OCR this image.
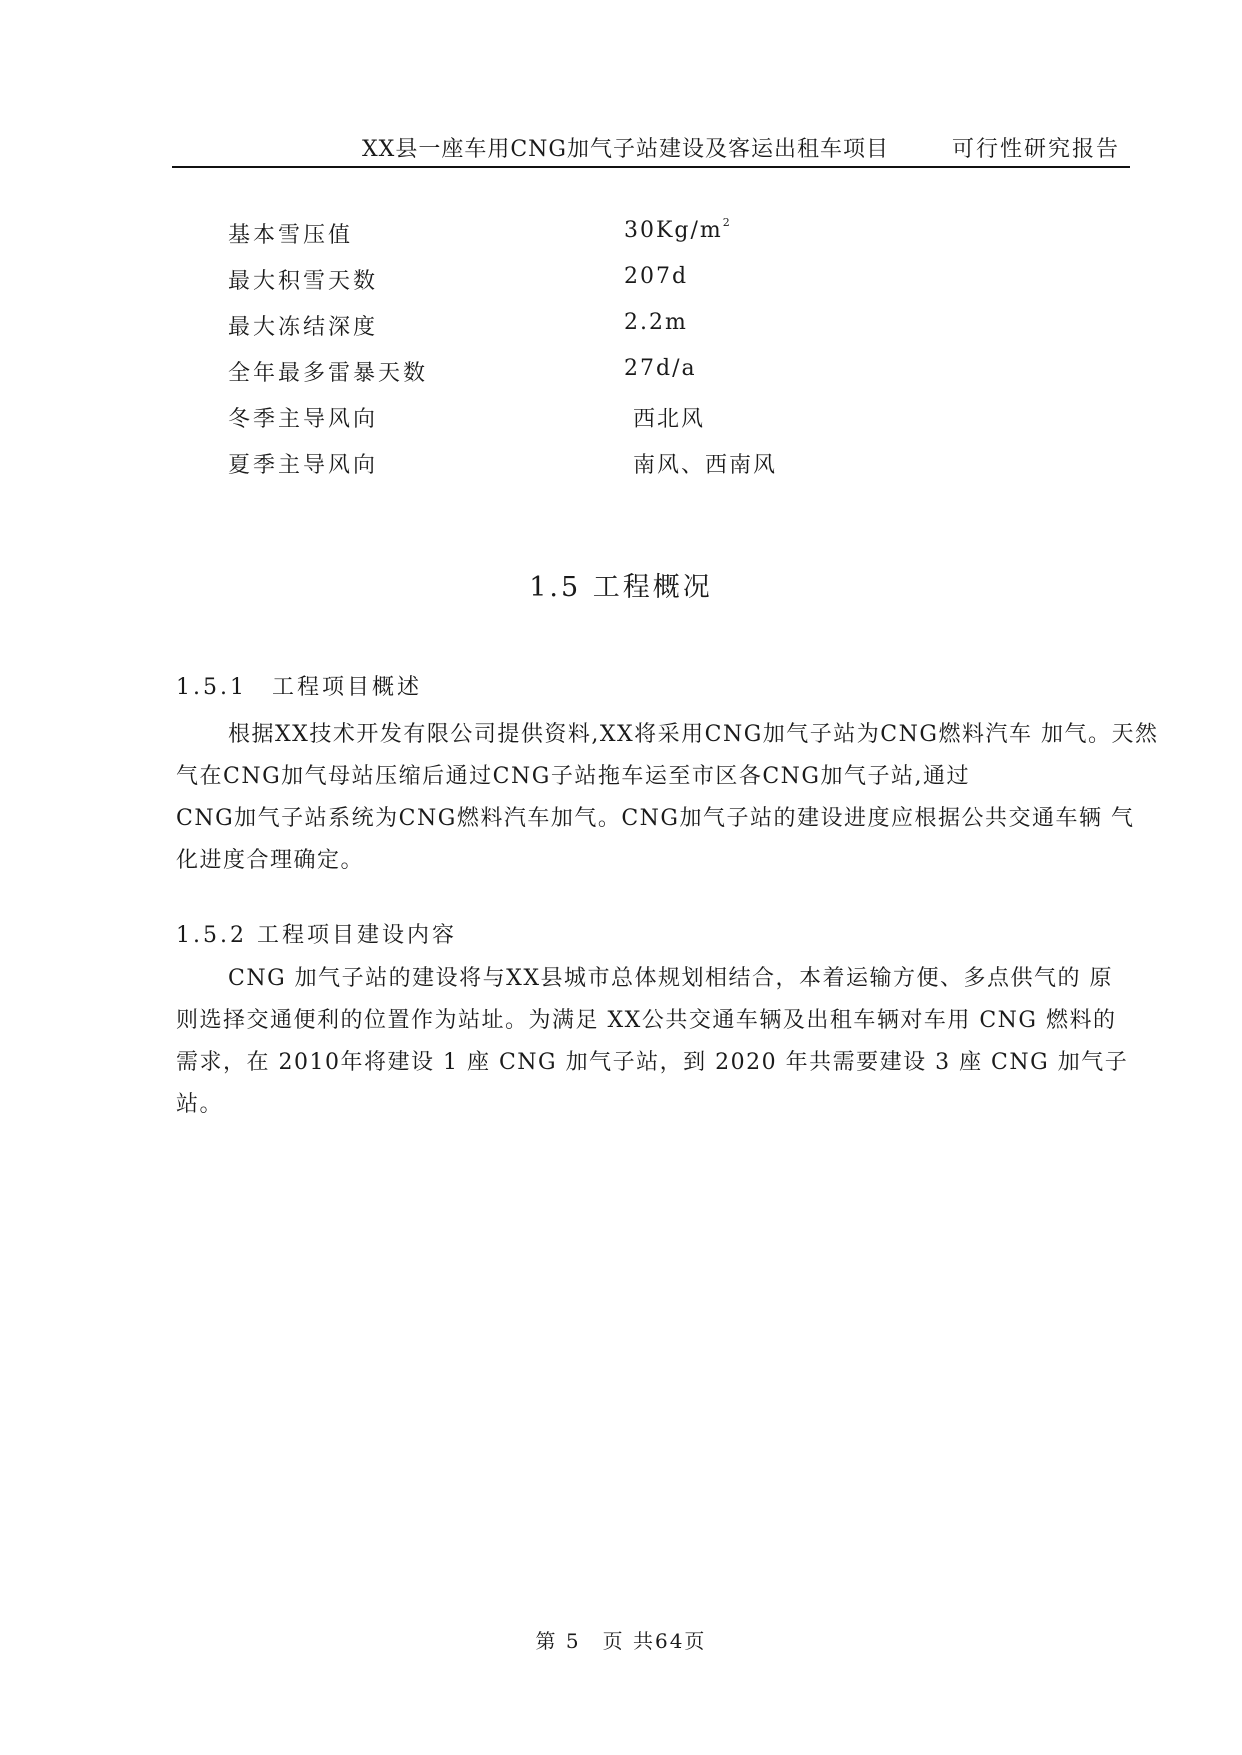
XX县一座车用CNG加气子站建设及客运出租车项目	可行性研究报告
基本雪压值	$30Kg/m^2$
最大积雪天数	207d
最大冻结深度	2.2m
全年最多雷暴天数	27d/a
冬季主导风向	西北风
夏季主导风向	南风、西南风
1.5 工程概况
1.5.1　工程项目概述
根据XX技术开发有限公司提供资料,XX将采用CNG加气子站为CNG燃料汽车 加气。天然
气在CNG加气母站压缩后通过CNG子站拖车运至市区各CNG加气子站,通过
CNG加气子站系统为CNG燃料汽车加气。CNG加气子站的建设进度应根据公共交通车辆 气
化进度合理确定。
1.5.2 工程项目建设内容
CNG 加气子站的建设将与XX县城市总体规划相结合，本着运输方便、多点供气的 原
则选择交通便利的位置作为站址。为满足 XX公共交通车辆及出租车辆对车用 CNG 燃料的
需求，在 2010年将建设 1 座 CNG 加气子站，到 2020 年共需要建设 3 座 CNG 加气子
站。
第 5　页 共64页
